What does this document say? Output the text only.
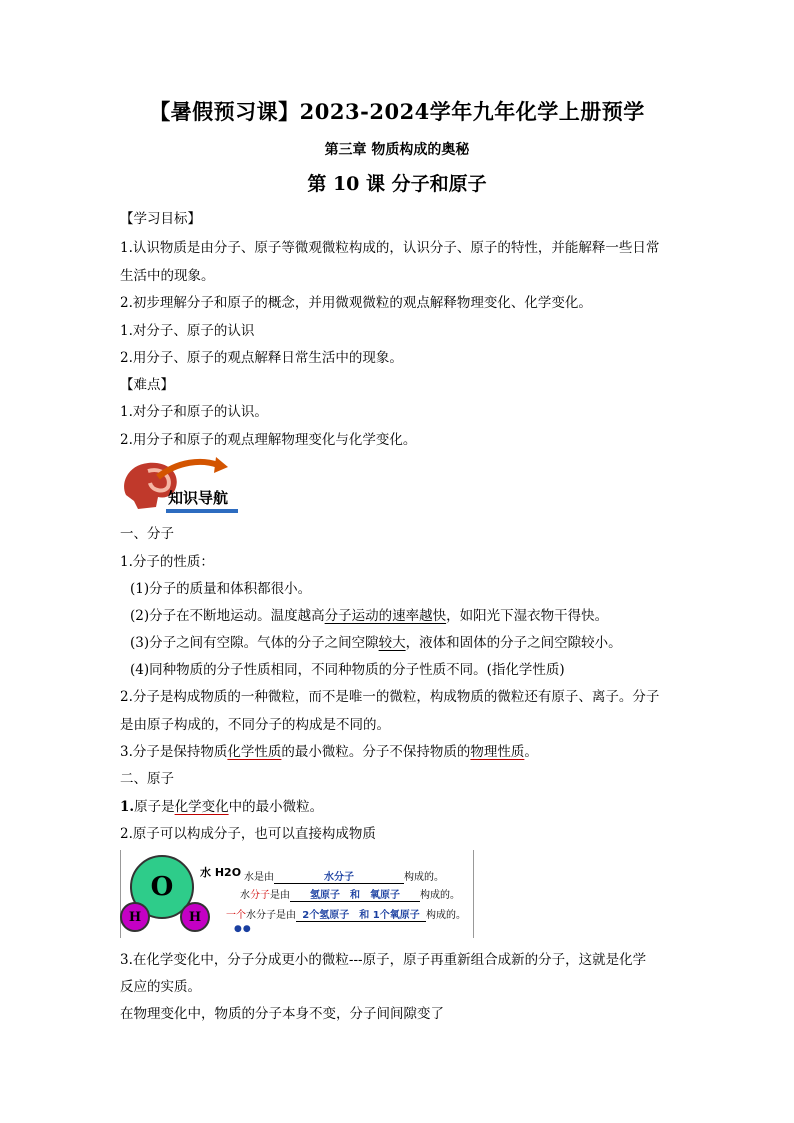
【暑假预习课】2023-2024学年九年化学上册预学
第三章 物质构成的奥秘
第 10 课 分子和原子
【学习目标】
1.认识物质是由分子、原子等微观微粒构成的，认识分子、原子的特性，并能解释一些日常
生活中的现象。
2.初步理解分子和原子的概念，并用微观微粒的观点解释物理变化、化学变化。
1.对分子、原子的认识
2.用分子、原子的观点解释日常生活中的现象。
【难点】
1.对分子和原子的认识。
2.用分子和原子的观点理解物理变化与化学变化。
知识导航
一、分子
1.分子的性质：
(1)分子的质量和体积都很小。
(2)分子在不断地运动。温度越高分子运动的速率越快，如阳光下湿衣物干得快。
(3)分子之间有空隙。气体的分子之间空隙较大，液体和固体的分子之间空隙较小。
(4)同种物质的分子性质相同，不同种物质的分子性质不同。(指化学性质)
2.分子是构成物质的一种微粒，而不是唯一的微粒，构成物质的微粒还有原子、离子。分子
是由原子构成的，不同分子的构成是不同的。
3.分子是保持物质化学性质的最小微粒。分子不保持物质的物理性质。
二、原子
1.原子是化学变化中的最小微粒。
2.原子可以构成分子，也可以直接构成物质
O
H	H
水 H2O 水是由	水分子	构成的。
水分子是由 氢原子　和　氧原子 构成的。
一个水分子是由 2个氢原子　和 1个氧原子 构成的。
●●
3.在化学变化中，分子分成更小的微粒---原子，原子再重新组合成新的分子，这就是化学
反应的实质。
在物理变化中，物质的分子本身不变，分子间间隙变了
